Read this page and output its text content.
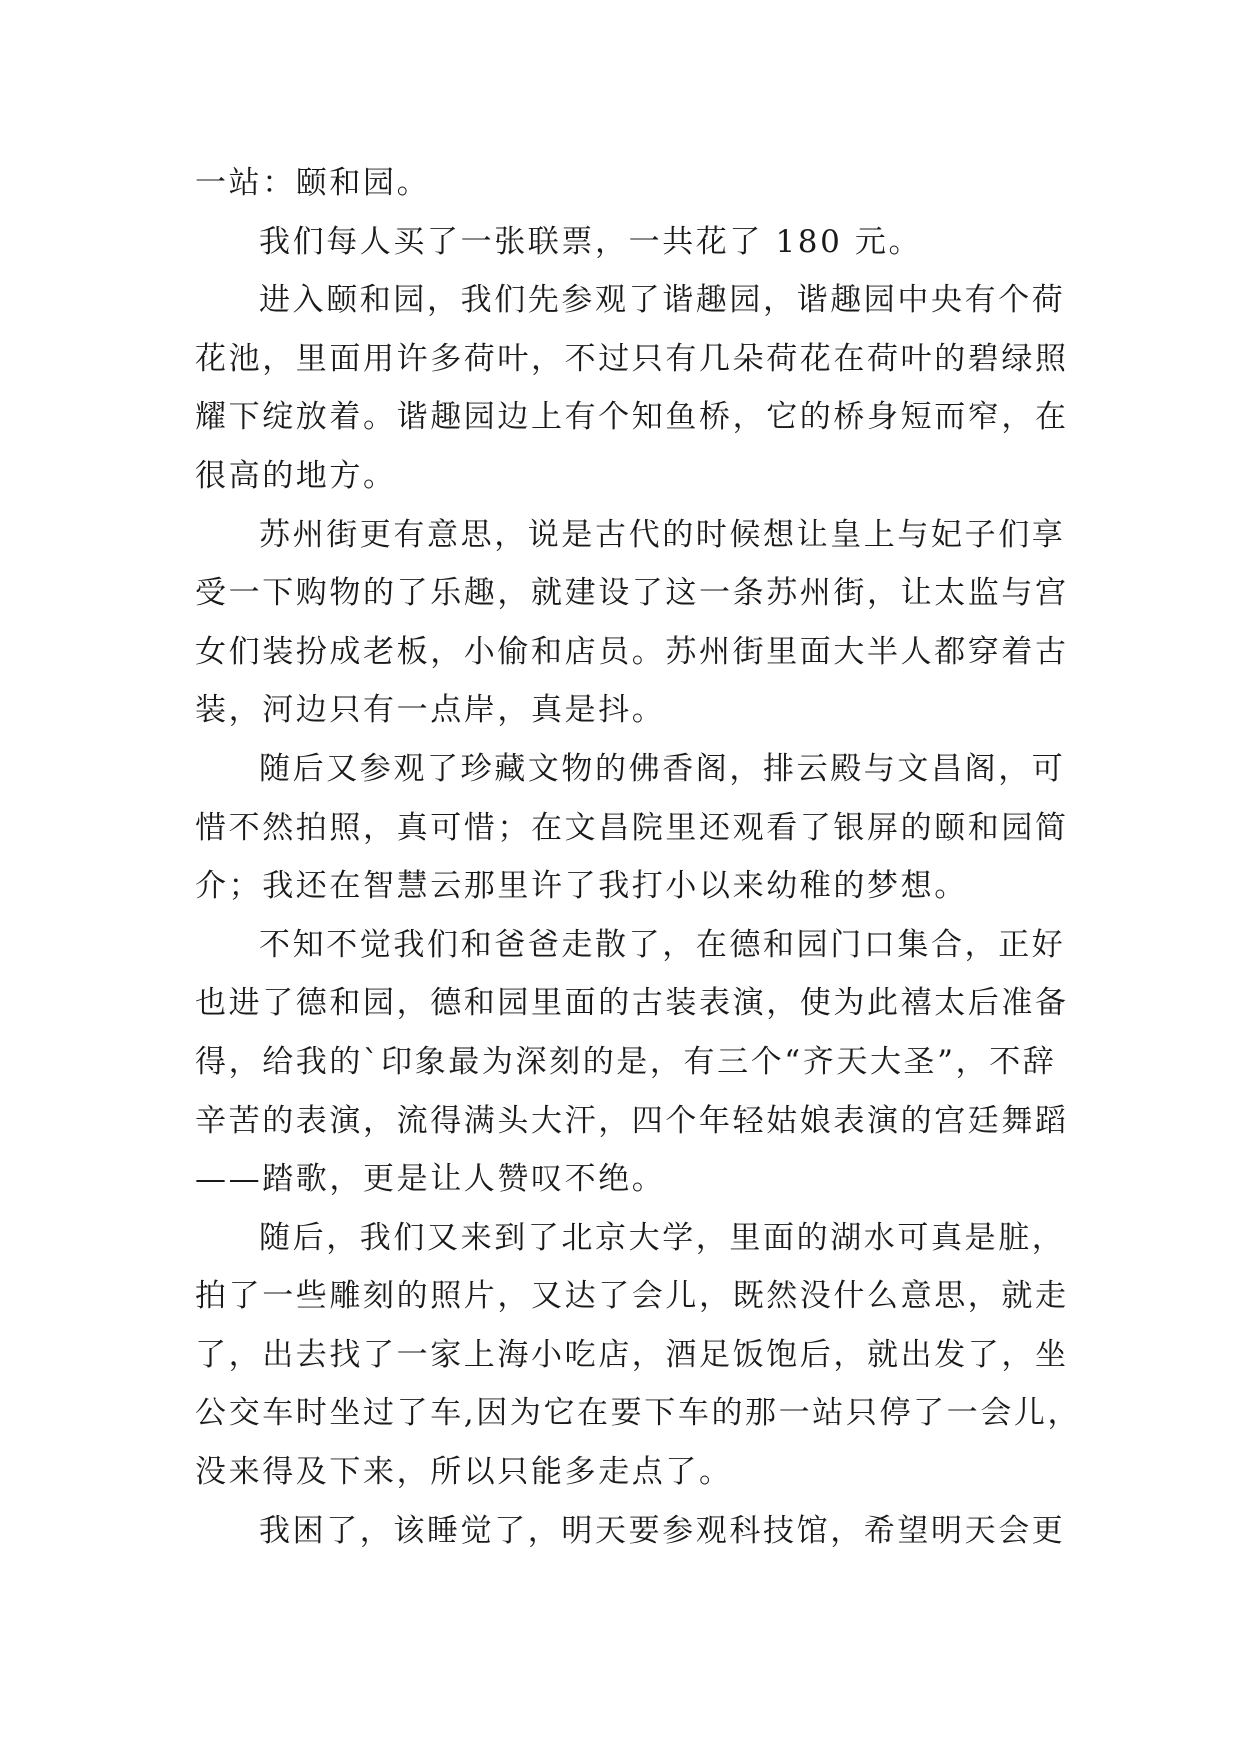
一站：颐和园。
我们每人买了一张联票，一共花了 180 元。
进入颐和园，我们先参观了谐趣园，谐趣园中央有个荷
花池，里面用许多荷叶，不过只有几朵荷花在荷叶的碧绿照
耀下绽放着。谐趣园边上有个知鱼桥，它的桥身短而窄，在
很高的地方。
苏州街更有意思，说是古代的时候想让皇上与妃子们享
受一下购物的了乐趣，就建设了这一条苏州街，让太监与宫
女们装扮成老板，小偷和店员。苏州街里面大半人都穿着古
装，河边只有一点岸，真是抖。
随后又参观了珍藏文物的佛香阁，排云殿与文昌阁，可
惜不然拍照，真可惜；在文昌院里还观看了银屏的颐和园简
介；我还在智慧云那里许了我打小以来幼稚的梦想。
不知不觉我们和爸爸走散了，在德和园门口集合，正好
也进了德和园，德和园里面的古装表演，使为此禧太后准备
得，给我的`印象最为深刻的是，有三个“齐天大圣”，不辞
辛苦的表演，流得满头大汗，四个年轻姑娘表演的宫廷舞蹈
——踏歌，更是让人赞叹不绝。
随后，我们又来到了北京大学，里面的湖水可真是脏，
拍了一些雕刻的照片，又达了会儿，既然没什么意思，就走
了，出去找了一家上海小吃店，酒足饭饱后，就出发了，坐
公交车时坐过了车,因为它在要下车的那一站只停了一会儿，
没来得及下来，所以只能多走点了。
我困了，该睡觉了，明天要参观科技馆，希望明天会更
